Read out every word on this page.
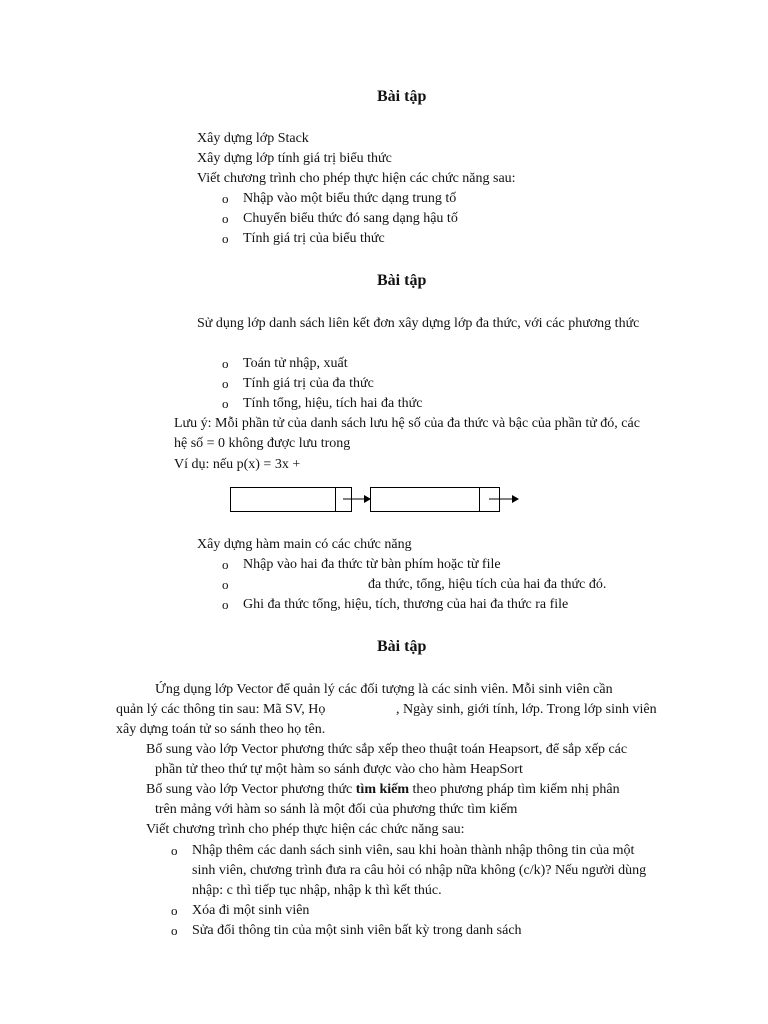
Bài tập
Xây dựng lớp Stack
Xây dựng lớp tính giá trị biểu thức
Viết chương trình cho phép thực hiện các chức năng sau:
o Nhập vào một biểu thức dạng trung tố
o Chuyển biểu thức đó sang dạng hậu tố
o Tính giá trị của biểu thức
Bài tập
Sử dụng lớp danh sách liên kết đơn xây dựng lớp đa thức, với các phương thức
o Toán tử nhập, xuất
o Tính giá trị của đa thức
o Tính tổng, hiệu, tích hai đa thức
Lưu ý: Mỗi phần tử của danh sách lưu hệ số của đa thức và bậc của phần tử đó, các
hệ số = 0 không được lưu trong
Ví dụ: nếu p(x) = 3x +
Xây dựng hàm main có các chức năng
o Nhập vào hai đa thức từ bàn phím hoặc từ file
o	đa thức, tổng, hiệu tích của hai đa thức đó.
o Ghi đa thức tổng, hiệu, tích, thương của hai đa thức ra file
Bài tập
Ứng dụng lớp Vector để quản lý các đối tượng là các sinh viên. Mỗi sinh viên cần
quản lý các thông tin sau: Mã SV, Họ	, Ngày sinh, giới tính, lớp. Trong lớp sinh viên
xây dựng toán tử so sánh theo họ tên.
Bổ sung vào lớp Vector phương thức sắp xếp theo thuật toán Heapsort, để sắp xếp các
phần tử theo thứ tự một hàm so sánh được vào cho hàm HeapSort
Bổ sung vào lớp Vector phương thức tìm kiếm theo phương pháp tìm kiếm nhị phân
trên mảng với hàm so sánh là một đối của phương thức tìm kiếm
Viết chương trình cho phép thực hiện các chức năng sau:
o Nhập thêm các danh sách sinh viên, sau khi hoàn thành nhập thông tin của một
sinh viên, chương trình đưa ra câu hỏi có nhập nữa không (c/k)? Nếu người dùng
nhập: c thì tiếp tục nhập, nhập k thì kết thúc.
o Xóa đi một sinh viên
o Sửa đổi thông tin của một sinh viên bất kỳ trong danh sách
